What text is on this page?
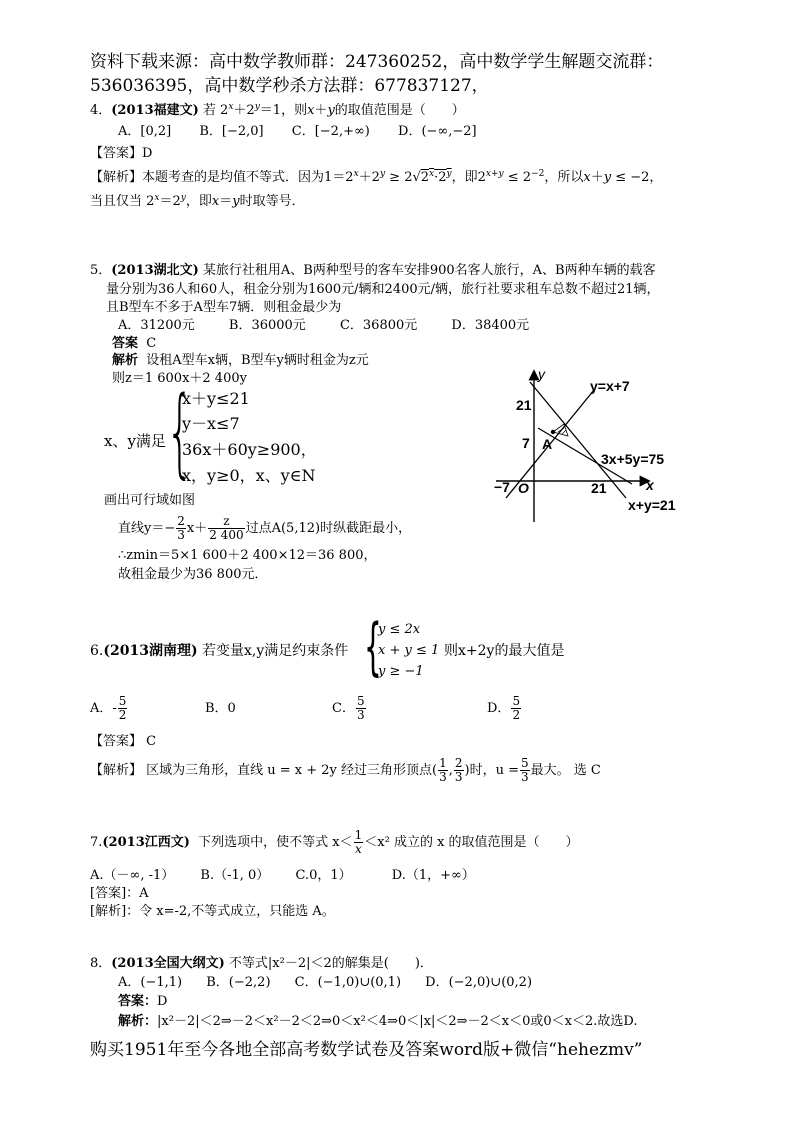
资料下载来源：高中数学教师群：247360252，高中数学学生解题交流群：
536036395，高中数学秒杀方法群：677837127，
4．(2013福建文) 若 $2^x+2^y=1$，则x＋y的取值范围是（　　）
A．[0,2] B．[−2,0] C．[−2,+∞) D．(−∞,−2]
【答案】D
【解析】本题考查的是均值不等式．因为$1=2^x+2^y \ge 2√2^x\cdot 2^y$，即$2^{x+y} \le 2^{-2}$，所以x＋y ≤ −2，
当且仅当 $2^x=2^y$，即x＝y时取等号．
5．(2013湖北文) 某旅行社租用A、B两种型号的客车安排900名客人旅行，A、B两种车辆的载客
量分别为36人和60人，租金分别为1600元/辆和2400元/辆，旅行社要求租车总数不超过21辆，
且B型车不多于A型车7辆．则租金最少为
A．31200元	B．36000元	C．36800元	D．38400元
答案 C
解析 设租A型车x辆，B型车y辆时租金为z元
则z＝1 600x＋2 400y
x、y满足 {
x＋y≤21
y－x≤7
36x＋60y≥900，
x，y≥0，x、y∈N
画出可行域如图
直线$y=- \frac{2}{3} x+ \frac{z}{2 400}$ 过点A(5,12)时纵截距最小，
∴zmin＝5×1 600＋2 400×12＝36 800，
故租金最少为36 800元．
y
x
y=x+7
3x+5y=75
x+y=21
21
7 A
−7 O	21
6.(2013湖南理) 若变量x,y满足约束条件 {
y ≤ 2x
x + y ≤ 1
y ≥ −1
则x+2y的最大值是
A．- $\frac{5}{2}$	B．0	C． $\frac{5}{3}$	D． $\frac{5}{2}$
【答案】 C
【解析】 区域为三角形，直线 u = x + 2y 经过三角形顶点( $\frac{1}{3}$ , $\frac{2}{3}$ )时，$u = \frac{5}{3}$ 最大。 选 C
7.(2013江西文) 下列选项中，使不等式 $x< \frac{1}{x} <x^2$ 成立的 x 的取值范围是（　　）
A.（－∞, -1） B.（-1, 0） C.0，1）	D.（1，+∞）
[答案]：A
[解析]：令 x=-2,不等式成立，只能选 A。
8．(2013全国大纲文) 不等式|x²－2|＜2的解集是(　　)．
A．(−1,1) B．(−2,2) C．(−1,0)∪(0,1) D．(−2,0)∪(0,2)
答案：D
解析：|x²－2|＜2⇒－2＜x²－2＜2⇒0＜x²＜4⇒0＜|x|＜2⇒－2＜x＜0或0＜x＜2.故选D.
购买1951年至今各地全部高考数学试卷及答案word版+微信“hehezmv”
